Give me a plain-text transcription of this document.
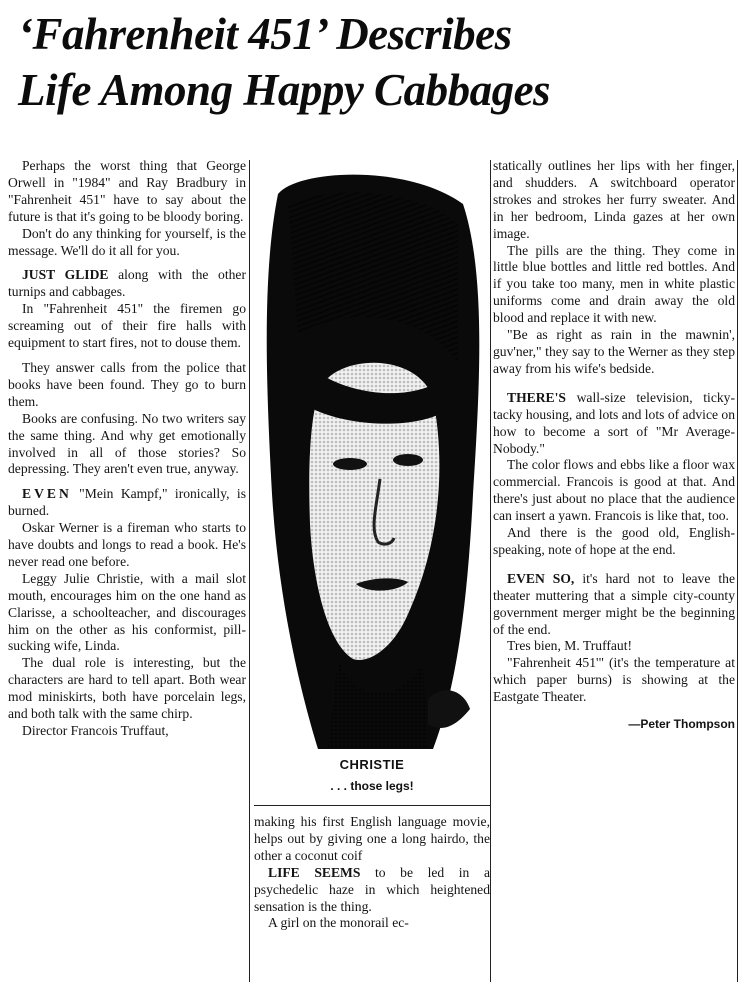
‘Fahrenheit 451’ Describes
Life Among Happy Cabbages

Perhaps the worst thing that George Orwell in "1984" and Ray Bradbury in "Fahrenheit 451" have to say about the future is that it's going to be bloody boring.

Don't do any thinking for yourself, is the message. We'll do it all for you.

JUST GLIDE along with the other turnips and cabbages.

In "Fahrenheit 451" the firemen go screaming out of their fire halls with equipment to start fires, not to douse them.

They answer calls from the police that books have been found. They go to burn them.

Books are confusing. No two writers say the same thing. And why get emotionally involved in all of those stories? So depressing. They aren't even true, anyway.

EVEN "Mein Kampf," ironically, is burned.

Oskar Werner is a fireman who starts to have doubts and longs to read a book. He's never read one before.

Leggy Julie Christie, with a mail slot mouth, encourages him on the one hand as Clarisse, a schoolteacher, and discourages him on the other as his conformist, pill-sucking wife, Linda.

The dual role is interesting, but the characters are hard to tell apart. Both wear mod miniskirts, both have porcelain legs, and both talk with the same chirp.

Director Francois Truffaut,

CHRISTIE
. . . those legs!

making his first English language movie, helps out by giving one a long hairdo, the other a coconut coif

LIFE SEEMS to be led in a psychedelic haze in which heightened sensation is the thing.

A girl on the monorail ec-

statically outlines her lips with her finger, and shudders. A switchboard operator strokes and strokes her furry sweater. And in her bedroom, Linda gazes at her own image.

The pills are the thing. They come in little blue bottles and little red bottles. And if you take too many, men in white plastic uniforms come and drain away the old blood and replace it with new.

"Be as right as rain in the mawnin', guv'ner," they say to the Werner as they step away from his wife's bedside.

THERE'S wall-size television, ticky-tacky housing, and lots and lots of advice on how to become a sort of "Mr Average-Nobody."

The color flows and ebbs like a floor wax commercial. Francois is good at that. And there's just about no place that the audience can insert a yawn. Francois is like that, too.

And there is the good old, English-speaking, note of hope at the end.

EVEN SO, it's hard not to leave the theater muttering that a simple city-county government merger might be the beginning of the end.

Tres bien, M. Truffaut!

"Fahrenheit 451'" (it's the temperature at which paper burns) is showing at the Eastgate Theater.

—Peter Thompson
